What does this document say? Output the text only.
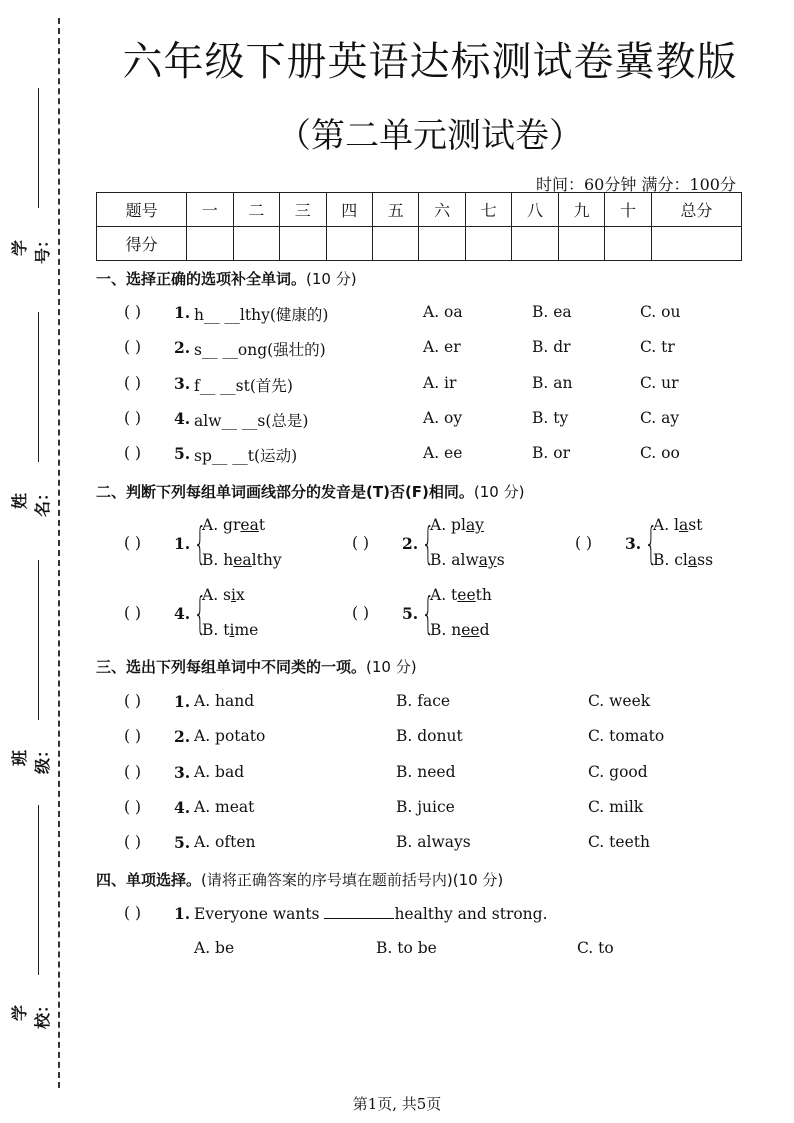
学号：
姓名：
班级：
学校：
六年级下册英语达标测试卷冀教版
（第二单元测试卷）
时间：60分钟 满分：100分
题号	一	二	三	四	五	六	七	八	九	十	总分
得分											
一、选择正确的选项补全单词。(10 分)
( ) 1. h__ __lthy(健康的)	A. oa	B. ea	C. ou
( ) 2. s__ __ong(强壮的)	A. er	B. dr	C. tr
( ) 3. f__ __st(首先)	A. ir	B. an	C. ur
( ) 4. alw__ __s(总是)	A. oy	B. ty	C. ay
( ) 5. sp__ __t(运动)	A. ee	B. or	C. oo
二、判断下列每组单词画线部分的发音是(T)否(F)相同。(10 分)
( ) 1. {
A. great
B. healthy
( ) 2. {
A. play
B. always
( ) 3. {
A. last
B. class
( ) 4. {
A. six
B. time
( ) 5. {
A. teeth
B. need
三、选出下列每组单词中不同类的一项。(10 分)
( ) 1. A. hand	B. face	C. week
( ) 2. A. potato	B. donut	C. tomato
( ) 3. A. bad	B. need	C. good
( ) 4. A. meat	B. juice	C. milk
( ) 5. A. often	B. always	C. teeth
四、单项选择。(请将正确答案的序号填在题前括号内)(10 分)
( ) 1. Everyone wants	healthy and strong.
A. be	B. to be	C. to
第1页, 共5页
